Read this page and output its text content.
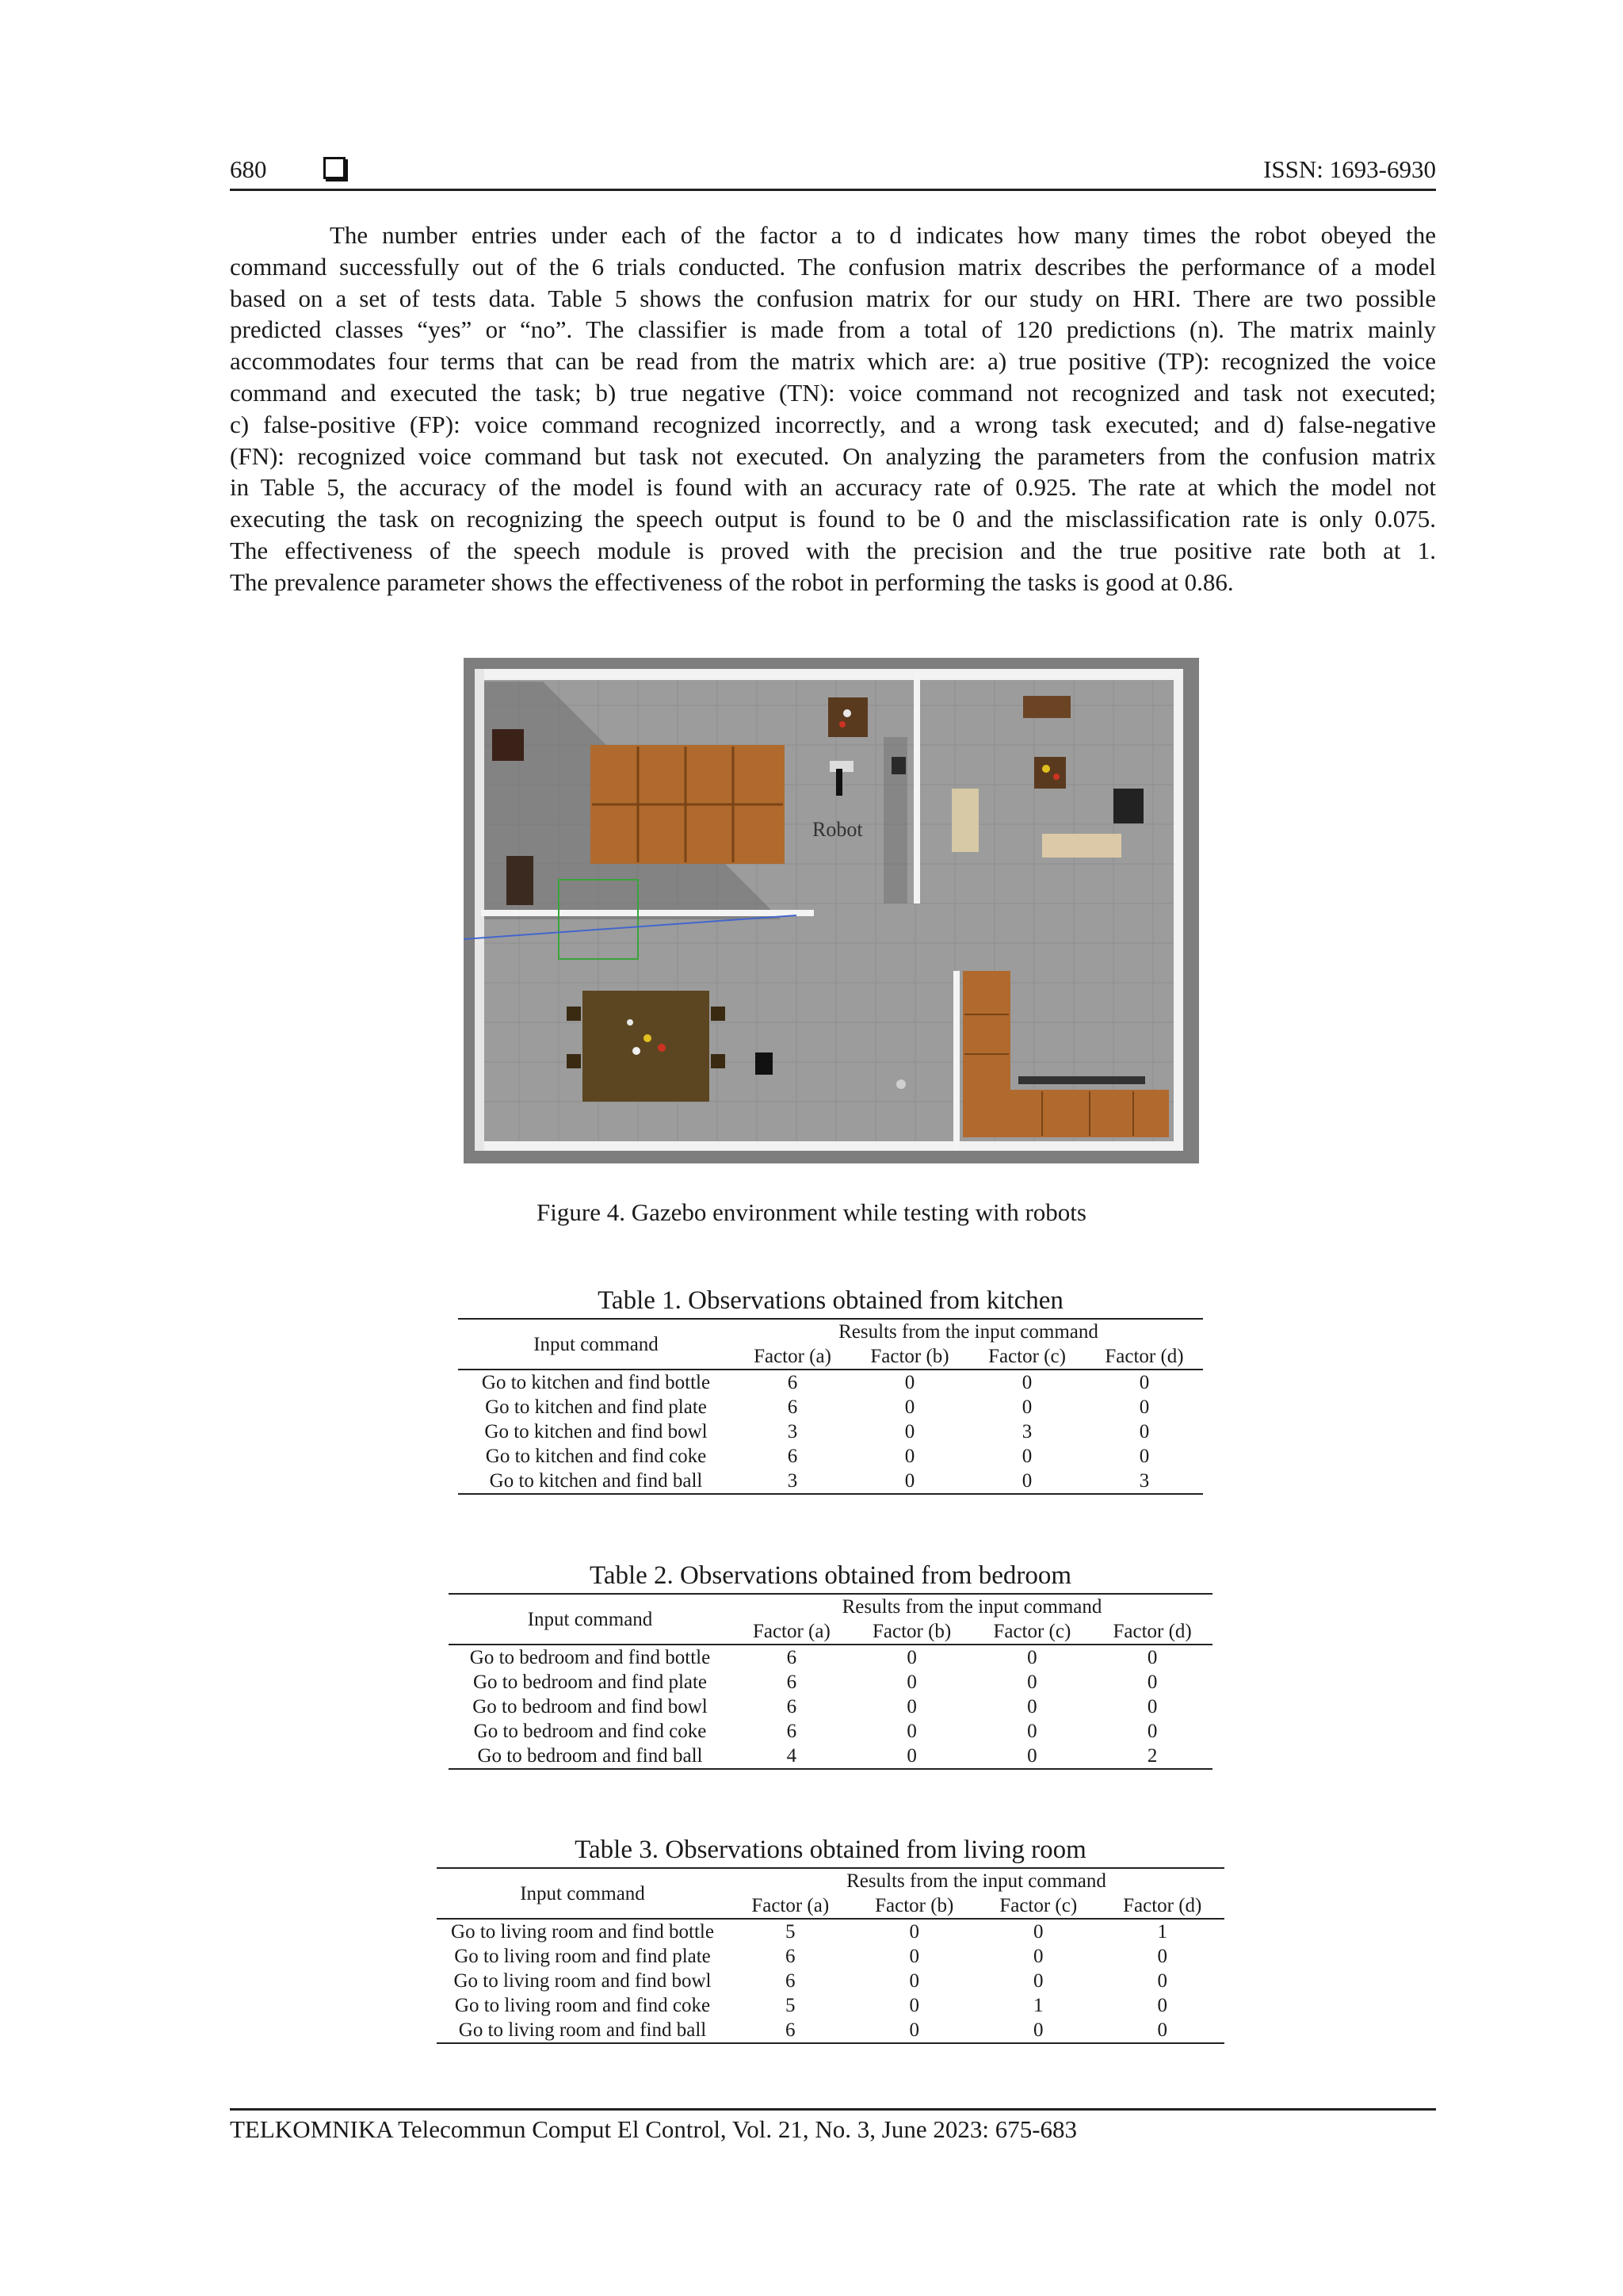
680	ISSN: 1693-6930
The number entries under each of the factor a to d indicates how many times the robot obeyed the
command successfully out of the 6 trials conducted. The confusion matrix describes the performance of a model
based on a set of tests data. Table 5 shows the confusion matrix for our study on HRI. There are two possible
predicted classes “yes” or “no”. The classifier is made from a total of 120 predictions (n). The matrix mainly
accommodates four terms that can be read from the matrix which are: a) true positive (TP): recognized the voice
command and executed the task; b) true negative (TN): voice command not recognized and task not executed;
c) false-positive (FP): voice command recognized incorrectly, and a wrong task executed; and d) false-negative
(FN): recognized voice command but task not executed. On analyzing the parameters from the confusion matrix
in Table 5, the accuracy of the model is found with an accuracy rate of 0.925. The rate at which the model not
executing the task on recognizing the speech output is found to be 0 and the misclassification rate is only 0.075.
The effectiveness of the speech module is proved with the precision and the true positive rate both at 1.
The prevalence parameter shows the effectiveness of the robot in performing the tasks is good at 0.86.
Robot
Figure 4. Gazebo environment while testing with robots
Table 1. Observations obtained from kitchen
Input command	Results from the input command			
	Factor (a)	Factor (b)	Factor (c)	Factor (d)
Go to kitchen and find bottle	6	0	0	0
Go to kitchen and find plate	6	0	0	0
Go to kitchen and find bowl	3	0	3	0
Go to kitchen and find coke	6	0	0	0
Go to kitchen and find ball	3	0	0	3
Table 2. Observations obtained from bedroom
Input command	Results from the input command			
	Factor (a)	Factor (b)	Factor (c)	Factor (d)
Go to bedroom and find bottle	6	0	0	0
Go to bedroom and find plate	6	0	0	0
Go to bedroom and find bowl	6	0	0	0
Go to bedroom and find coke	6	0	0	0
Go to bedroom and find ball	4	0	0	2
Table 3. Observations obtained from living room
Input command	Results from the input command			
	Factor (a)	Factor (b)	Factor (c)	Factor (d)
Go to living room and find bottle	5	0	0	1
Go to living room and find plate	6	0	0	0
Go to living room and find bowl	6	0	0	0
Go to living room and find coke	5	0	1	0
Go to living room and find ball	6	0	0	0
TELKOMNIKA Telecommun Comput El Control, Vol. 21, No. 3, June 2023: 675-683
